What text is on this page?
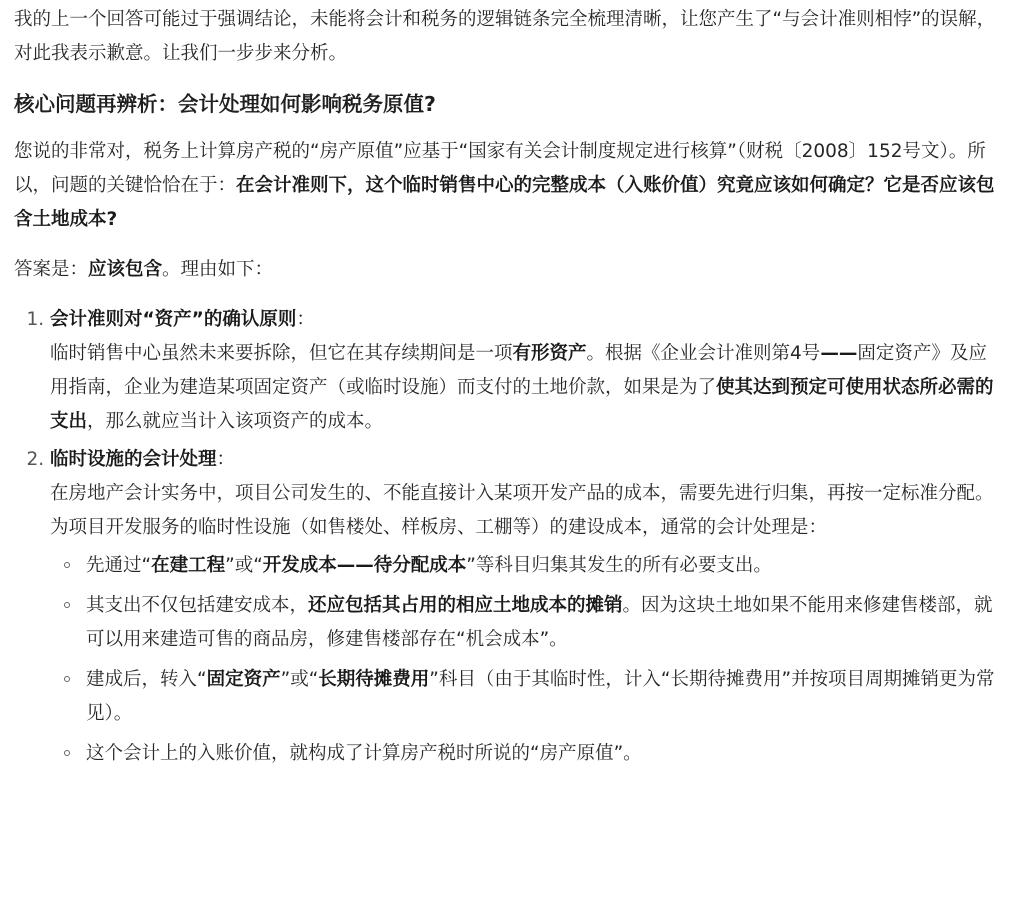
我的上一个回答可能过于强调结论，未能将会计和税务的逻辑链条完全梳理清晰，让您产生了“与会计准则相悖”的误解，对此我表示歉意。让我们一步步来分析。

核心问题再辨析：会计处理如何影响税务原值?

您说的非常对，税务上计算房产税的“房产原值”应基于“国家有关会计制度规定进行核算”（财税〔2008〕152号文）。所以，问题的关键恰恰在于：在会计准则下，这个临时销售中心的完整成本（入账价值）究竟应该如何确定？它是否应该包含土地成本?

答案是：应该包含。理由如下：

1. 会计准则对“资产”的确认原则：
临时销售中心虽然未来要拆除，但它在其存续期间是一项有形资产。根据《企业会计准则第4号——固定资产》及应用指南，企业为建造某项固定资产（或临时设施）而支付的土地价款，如果是为了使其达到预定可使用状态所必需的支出，那么就应当计入该项资产的成本。
2. 临时设施的会计处理：
在房地产会计实务中，项目公司发生的、不能直接计入某项开发产品的成本，需要先进行归集，再按一定标准分配。为项目开发服务的临时性设施（如售楼处、样板房、工棚等）的建设成本，通常的会计处理是：
先通过“在建工程”或“开发成本——待分配成本”等科目归集其发生的所有必要支出。
其支出不仅包括建安成本，还应包括其占用的相应土地成本的摊销。因为这块土地如果不能用来修建售楼部，就可以用来建造可售的商品房，修建售楼部存在“机会成本”。
建成后，转入“固定资产”或“长期待摊费用”科目（由于其临时性，计入“长期待摊费用”并按项目周期摊销更为常见）。
这个会计上的入账价值，就构成了计算房产税时所说的“房产原值”。
